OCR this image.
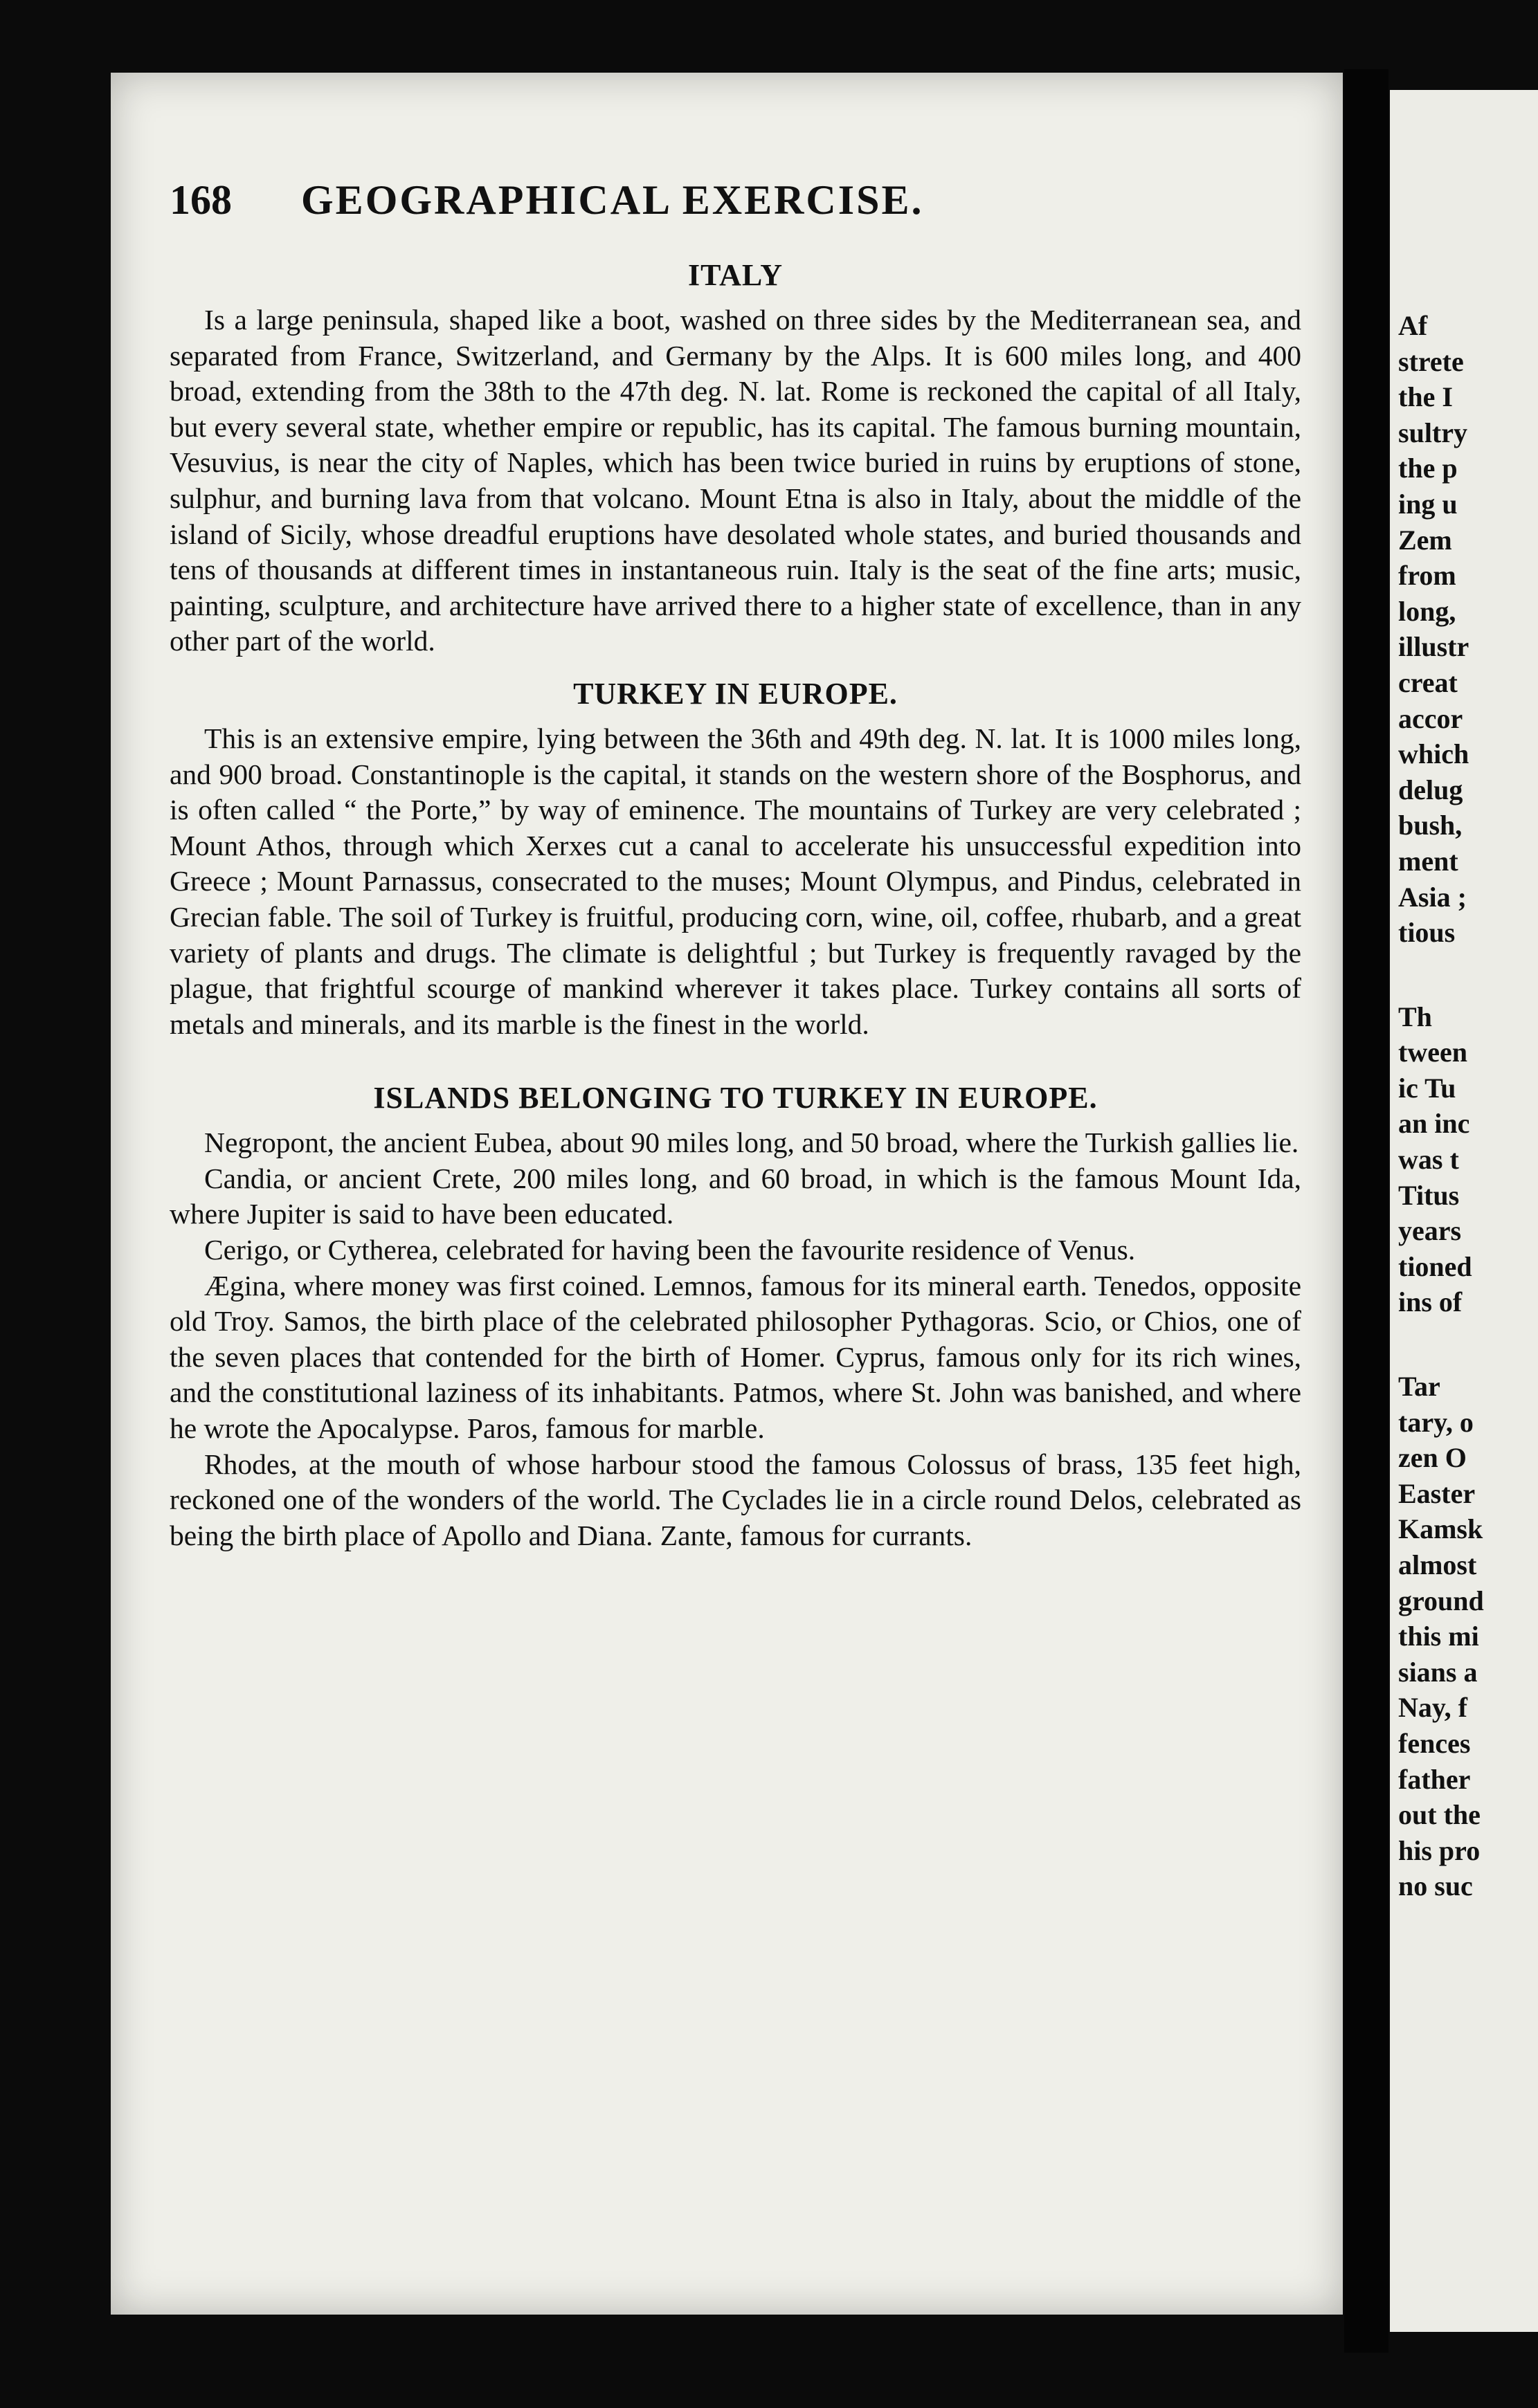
168	GEOGRAPHICAL EXERCISE.
ITALY

Is a large peninsula, shaped like a boot, washed on three sides by the Mediterranean sea, and separated from France, Switzerland, and Germany by the Alps. It is 600 miles long, and 400 broad, extending from the 38th to the 47th deg. N. lat. Rome is reckoned the capital of all Italy, but every several state, whether empire or republic, has its capital. The famous burning mountain, Vesuvius, is near the city of Naples, which has been twice buried in ruins by eruptions of stone, sulphur, and burning lava from that volcano. Mount Etna is also in Italy, about the middle of the island of Sicily, whose dreadful eruptions have desolated whole states, and buried thousands and tens of thousands at different times in instantaneous ruin. Italy is the seat of the fine arts; music, painting, sculpture, and architecture have arrived there to a higher state of excellence, than in any other part of the world.

TURKEY IN EUROPE.

This is an extensive empire, lying between the 36th and 49th deg. N. lat. It is 1000 miles long, and 900 broad. Constantinople is the capital, it stands on the western shore of the Bosphorus, and is often called “ the Porte,” by way of eminence. The mountains of Turkey are very celebrated ; Mount Athos, through which Xerxes cut a canal to accelerate his unsuccessful expedition into Greece ; Mount Parnassus, consecrated to the muses; Mount Olympus, and Pindus, celebrated in Grecian fable. The soil of Turkey is fruitful, producing corn, wine, oil, coffee, rhubarb, and a great variety of plants and drugs. The climate is delightful ; but Turkey is frequently ravaged by the plague, that frightful scourge of mankind wherever it takes place. Turkey contains all sorts of metals and minerals, and its marble is the finest in the world.

ISLANDS BELONGING TO TURKEY IN EUROPE.

Negropont, the ancient Eubea, about 90 miles long, and 50 broad, where the Turkish gallies lie.

Candia, or ancient Crete, 200 miles long, and 60 broad, in which is the famous Mount Ida, where Jupiter is said to have been educated.

Cerigo, or Cytherea, celebrated for having been the favourite residence of Venus.

Ægina, where money was first coined. Lemnos, famous for its mineral earth. Tenedos, opposite old Troy. Samos, the birth place of the celebrated philosopher Pythagoras. Scio, or Chios, one of the seven places that contended for the birth of Homer. Cyprus, famous only for its rich wines, and the constitutional laziness of its inhabitants. Patmos, where St. John was banished, and where he wrote the Apocalypse. Paros, famous for marble.

Rhodes, at the mouth of whose harbour stood the famous Colossus of brass, 135 feet high, reckoned one of the wonders of the world. The Cyclades lie in a circle round Delos, celebrated as being the birth place of Apollo and Diana. Zante, famous for currants.

Af
strete
the I
sultry
the p
ing u
Zem
from
long,
illustr
creat
accor
which
delug
bush,
ment
Asia ;
tious
Th
tween
ic Tu
an inc
was t
Titus
years
tioned
ins of
Tar
tary, o
zen O
Easter
Kamsk
almost
ground
this mi
sians a
Nay, f
fences
father
out the
his pro
no suc
